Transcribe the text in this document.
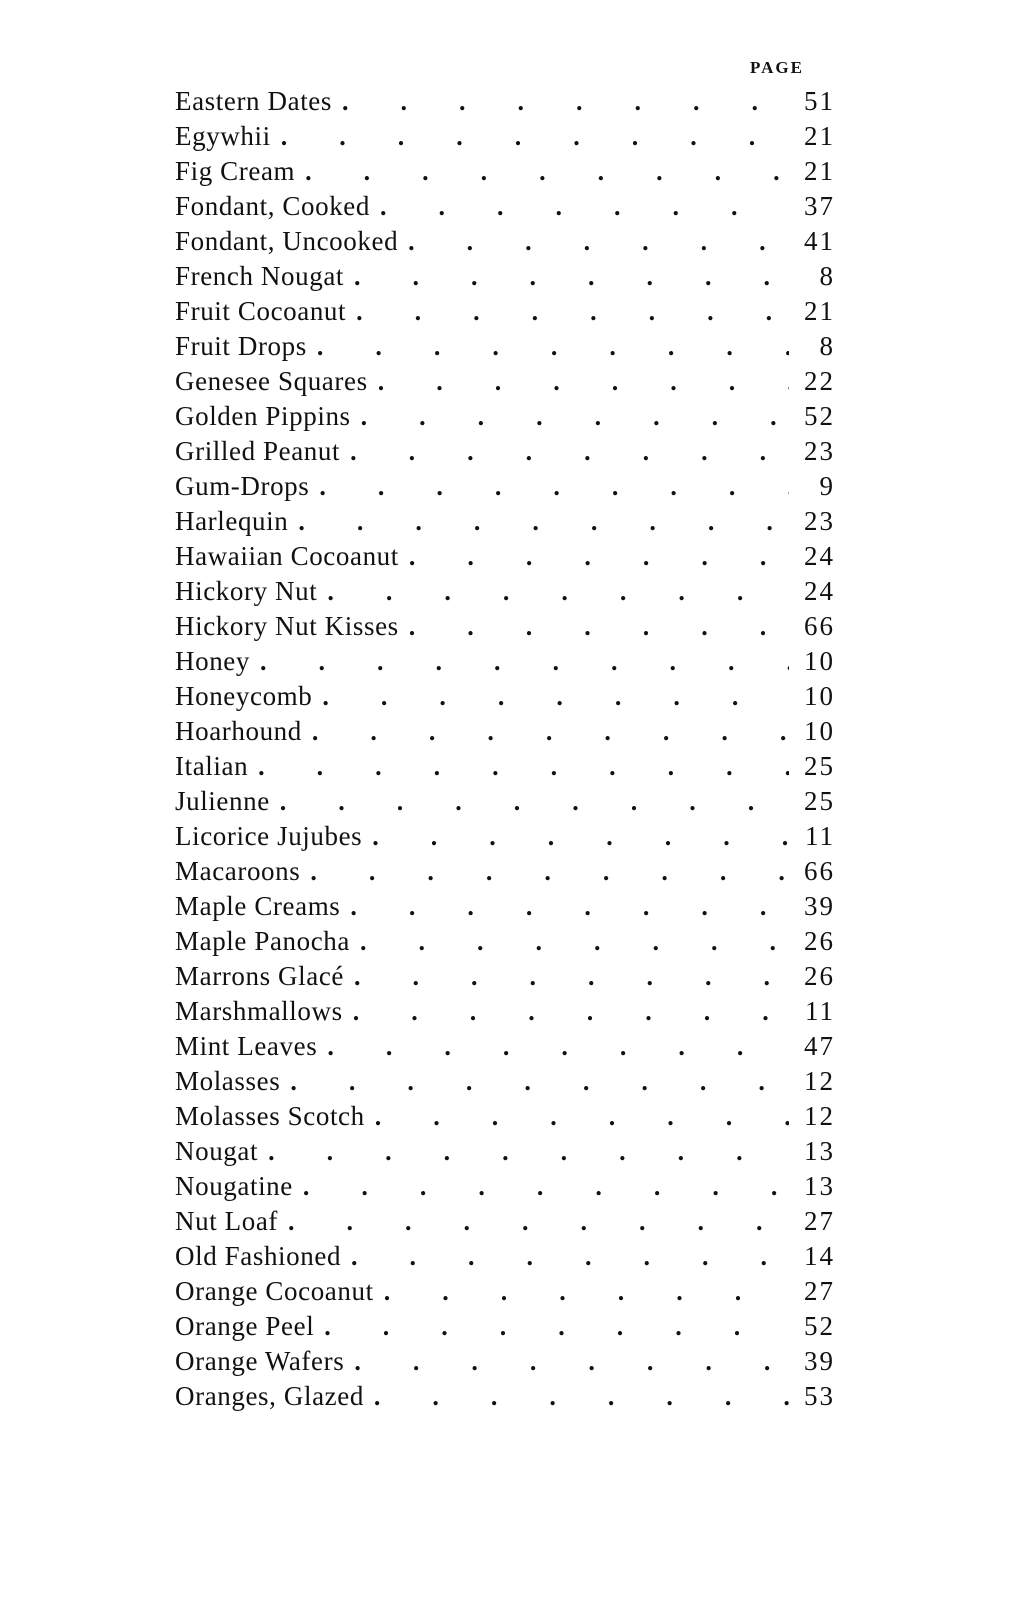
PAGE
Eastern Dates .	51
Egywhii .	21
Fig Cream .	21
Fondant, Cooked .	37
Fondant, Uncooked .	41
French Nougat .	8
Fruit Cocoanut .	21
Fruit Drops .	8
Genesee Squares .	22
Golden Pippins .	52
Grilled Peanut .	23
Gum-Drops .	9
Harlequin .	23
Hawaiian Cocoanut .	24
Hickory Nut .	24
Hickory Nut Kisses .	66
Honey .	10
Honeycomb .	10
Hoarhound .	10
Italian .	25
Julienne .	25
Licorice Jujubes .	11
Macaroons .	66
Maple Creams .	39
Maple Panocha .	26
Marrons Glacé .	26
Marshmallows .	11
Mint Leaves .	47
Molasses .	12
Molasses Scotch .	12
Nougat .	13
Nougatine .	13
Nut Loaf .	27
Old Fashioned .	14
Orange Cocoanut .	27
Orange Peel .	52
Orange Wafers .	39
Oranges, Glazed .	53
